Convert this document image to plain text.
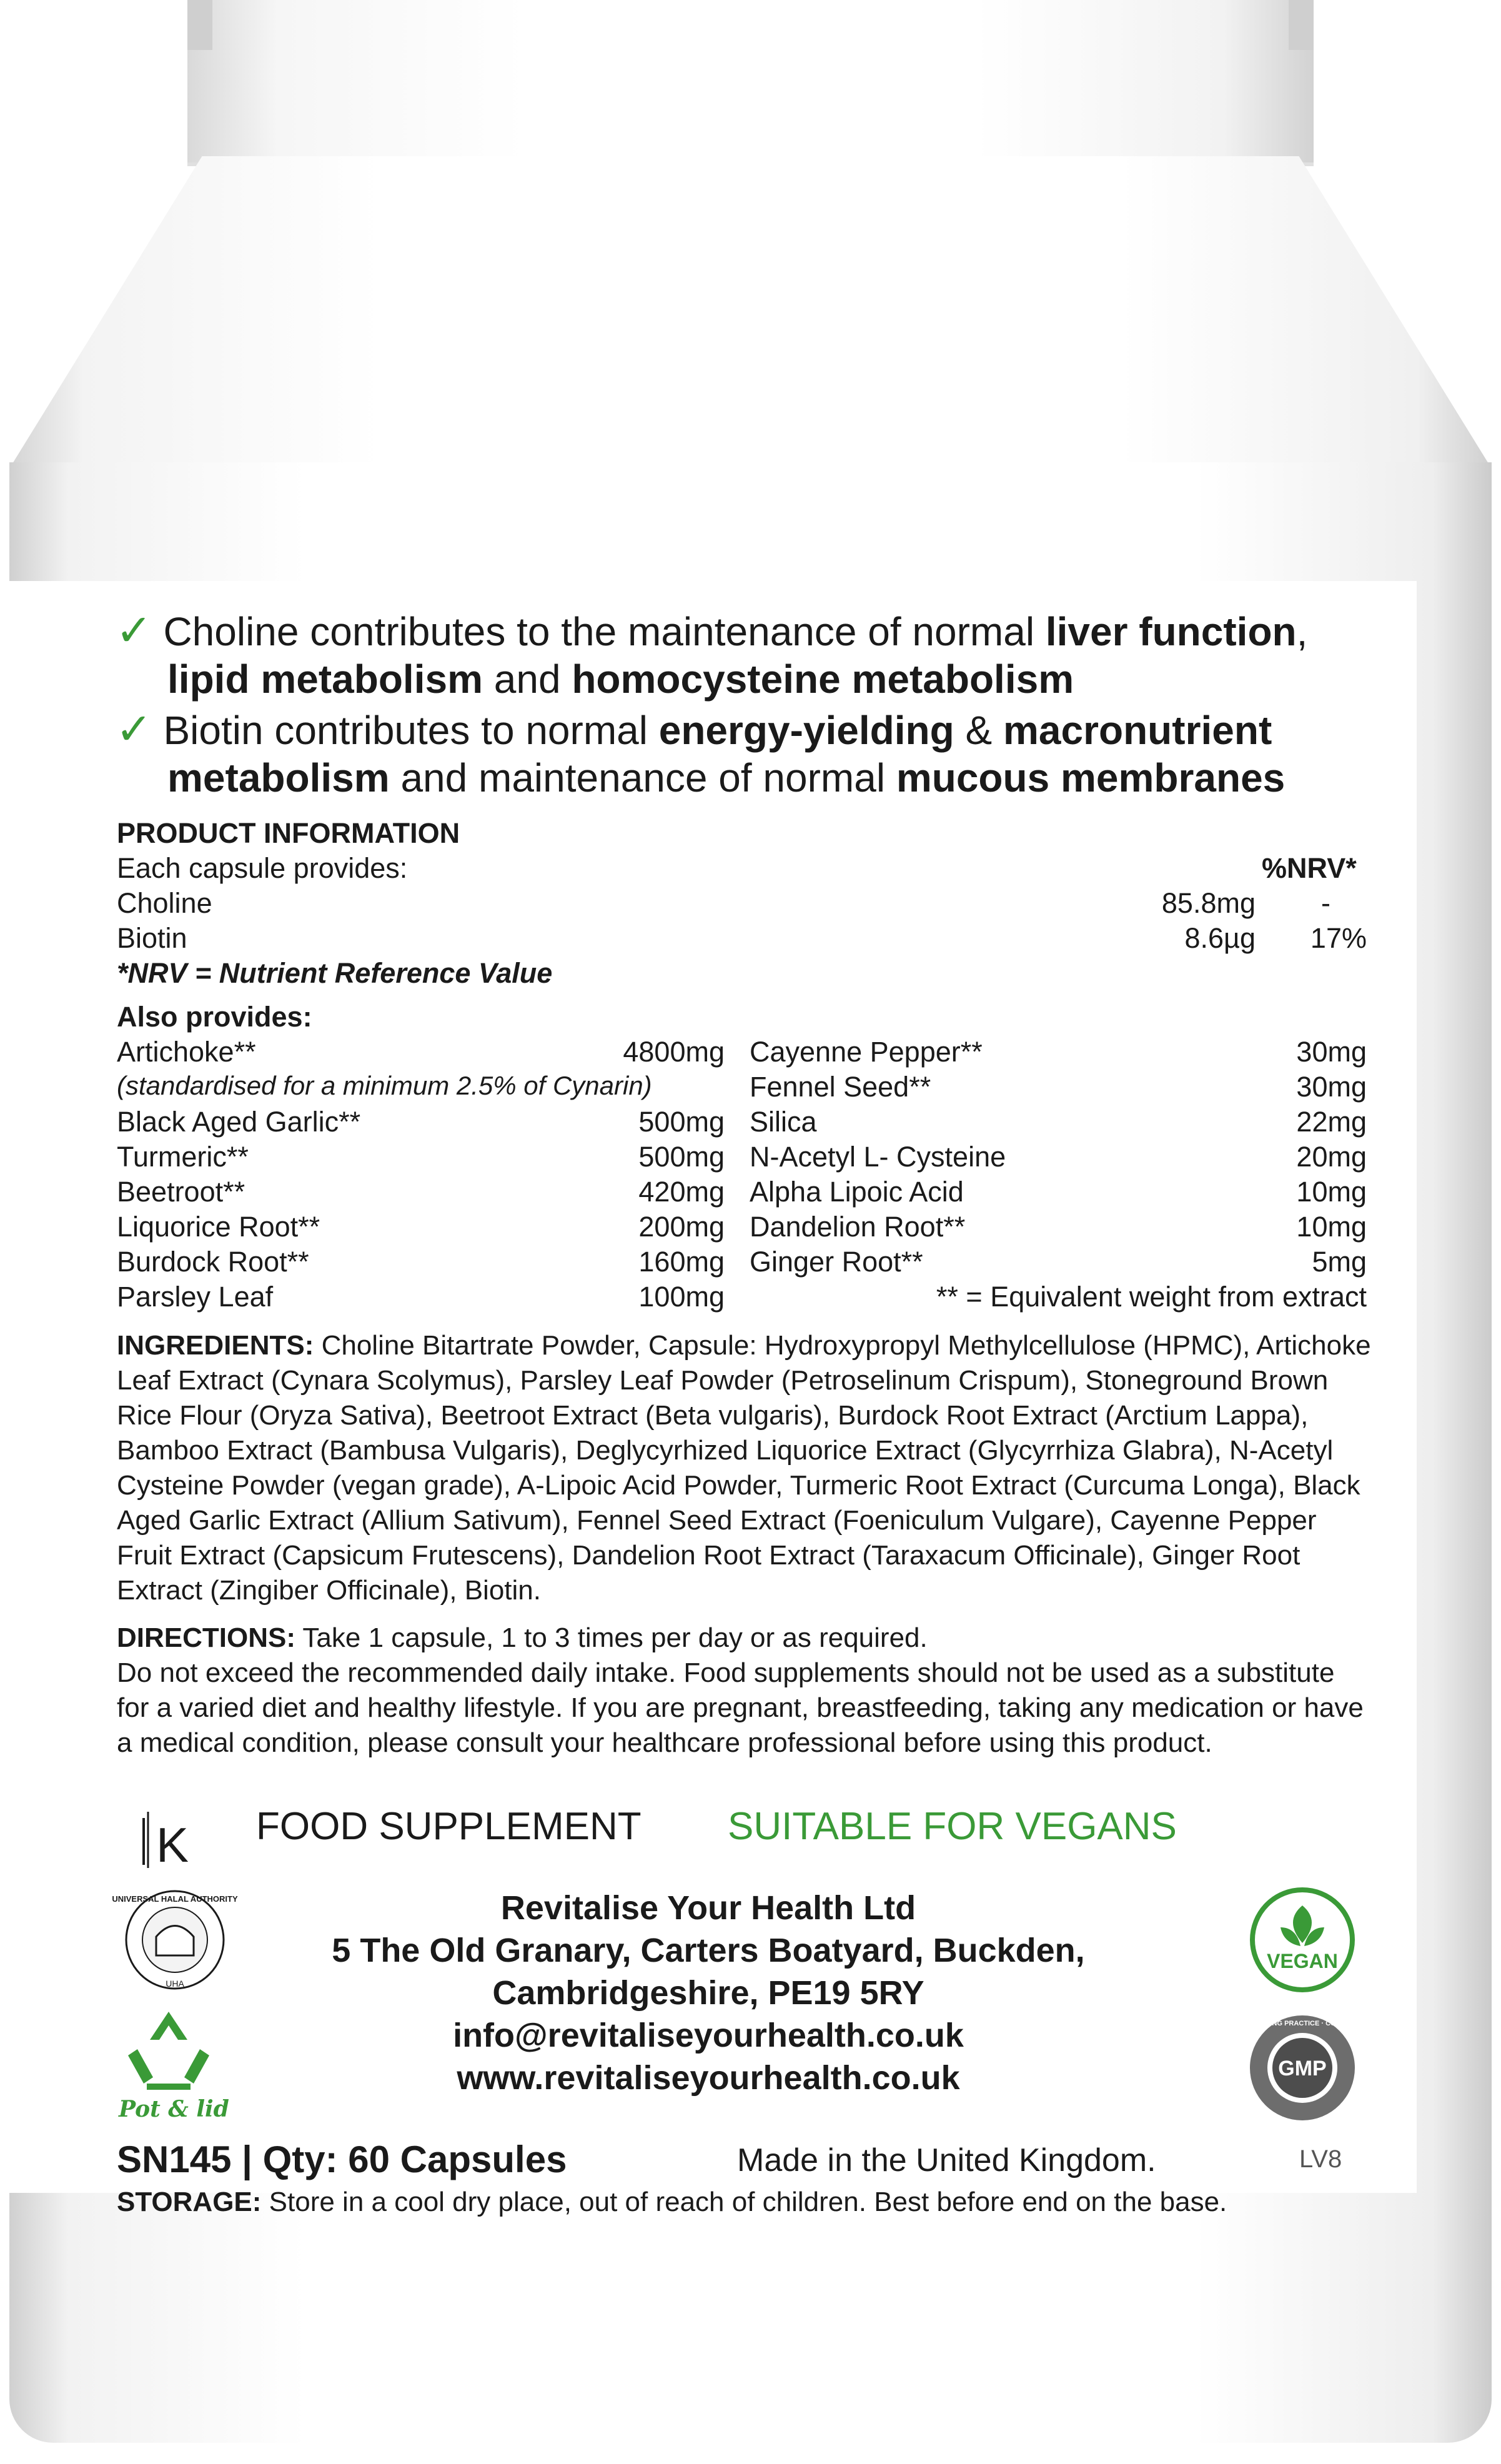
✓ Choline contributes to the maintenance of normal liver function,
lipid metabolism and homocysteine metabolism
✓ Biotin contributes to normal energy-yielding & macronutrient
metabolism and maintenance of normal mucous membranes
PRODUCT INFORMATION
Each capsule provides:	%NRV*
Choline	85.8mg	-
Biotin	8.6µg	17%
*NRV = Nutrient Reference Value
Also provides:
Artichoke**	4800mg
(standardised for a minimum 2.5% of Cynarin)
Black Aged Garlic**	500mg
Turmeric**	500mg
Beetroot**	420mg
Liquorice Root**	200mg
Burdock Root**	160mg
Parsley Leaf	100mg
Cayenne Pepper**	30mg
Fennel Seed**	30mg
Silica	22mg
N-Acetyl L- Cysteine	20mg
Alpha Lipoic Acid	10mg
Dandelion Root**	10mg
Ginger Root**	5mg
** = Equivalent weight from extract
INGREDIENTS: Choline Bitartrate Powder, Capsule: Hydroxypropyl Methylcellulose (HPMC), Artichoke Leaf Extract (Cynara Scolymus), Parsley Leaf Powder (Petroselinum Crispum), Stoneground Brown Rice Flour (Oryza Sativa), Beetroot Extract (Beta vulgaris), Burdock Root Extract (Arctium Lappa), Bamboo Extract (Bambusa Vulgaris), Deglycyrhized Liquorice Extract (Glycyrrhiza Glabra), N-Acetyl Cysteine Powder (vegan grade), A-Lipoic Acid Powder, Turmeric Root Extract (Curcuma Longa), Black Aged Garlic Extract (Allium Sativum), Fennel Seed Extract (Foeniculum Vulgare), Cayenne Pepper Fruit Extract (Capsicum Frutescens), Dandelion Root Extract (Taraxacum Officinale), Ginger Root Extract (Zingiber Officinale), Biotin.
DIRECTIONS: Take 1 capsule, 1 to 3 times per day or as required.
Do not exceed the recommended daily intake. Food supplements should not be used as a substitute for a varied diet and healthy lifestyle. If you are pregnant, breastfeeding, taking any medication or have a medical condition, please consult your healthcare professional before using this product.
K FOOD SUPPLEMENT SUITABLE FOR VEGANS
UNIVERSAL HALAL AUTHORITY
UHA
Pot & lid
Revitalise Your Health Ltd
5 The Old Granary, Carters Boatyard, Buckden,
Cambridgeshire, PE19 5RY
info@revitaliseyourhealth.co.uk
www.revitaliseyourhealth.co.uk
VEGAN
GMP
GOOD MANUFACTURING PRACTICE · CONSISTENT QUALITY ·
SN145 | Qty: 60 Capsules	Made in the United Kingdom.	LV8
STORAGE: Store in a cool dry place, out of reach of children. Best before end on the base.
